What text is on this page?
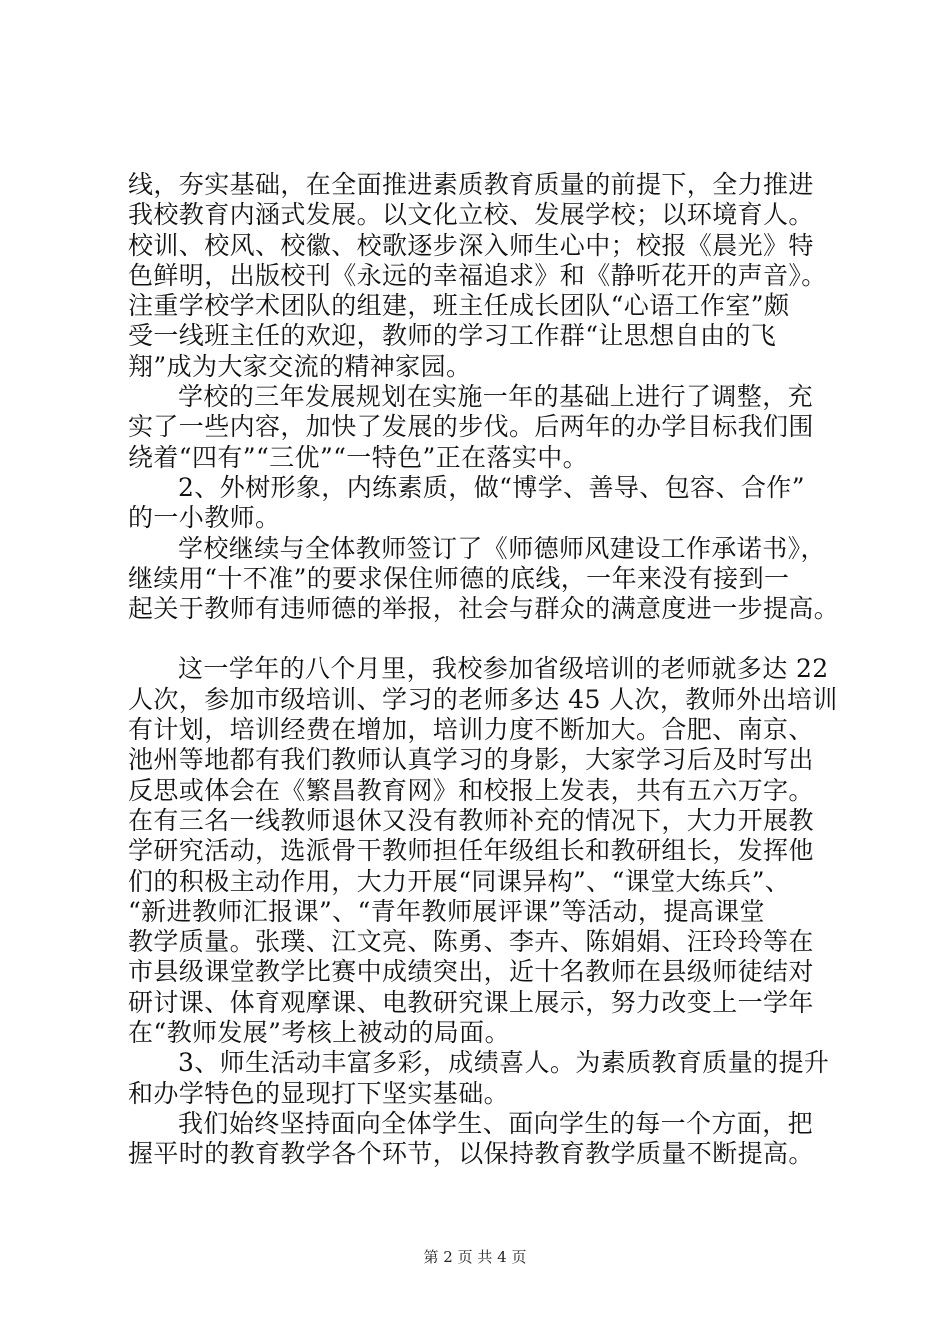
线，夯实基础，在全面推进素质教育质量的前提下，全力推进
我校教育内涵式发展。以文化立校、发展学校；以环境育人。
校训、校风、校徽、校歌逐步深入师生心中；校报《晨光》特
色鲜明，出版校刊《永远的幸福追求》和《静听花开的声音》。
注重学校学术团队的组建，班主任成长团队“心语工作室”颇
受一线班主任的欢迎，教师的学习工作群“让思想自由的飞
翔”成为大家交流的精神家园。
学校的三年发展规划在实施一年的基础上进行了调整，充
实了一些内容，加快了发展的步伐。后两年的办学目标我们围
绕着“四有”“三优”“一特色”正在落实中。
2、外树形象，内练素质，做“博学、善导、包容、合作”
的一小教师。
学校继续与全体教师签订了《师德师风建设工作承诺书》，
继续用“十不准”的要求保住师德的底线，一年来没有接到一
起关于教师有违师德的举报，社会与群众的满意度进一步提高。
这一学年的八个月里，我校参加省级培训的老师就多达 22
人次，参加市级培训、学习的老师多达 45 人次，教师外出培训
有计划，培训经费在增加，培训力度不断加大。合肥、南京、
池州等地都有我们教师认真学习的身影，大家学习后及时写出
反思或体会在《繁昌教育网》和校报上发表，共有五六万字。
在有三名一线教师退休又没有教师补充的情况下，大力开展教
学研究活动，选派骨干教师担任年级组长和教研组长，发挥他
们的积极主动作用，大力开展“同课异构”、“课堂大练兵”、
“新进教师汇报课”、“青年教师展评课”等活动，提高课堂
教学质量。张璞、江文亮、陈勇、李卉、陈娟娟、汪玲玲等在
市县级课堂教学比赛中成绩突出，近十名教师在县级师徒结对
研讨课、体育观摩课、电教研究课上展示，努力改变上一学年
在“教师发展”考核上被动的局面。
3、师生活动丰富多彩，成绩喜人。为素质教育质量的提升
和办学特色的显现打下坚实基础。
我们始终坚持面向全体学生、面向学生的每一个方面，把
握平时的教育教学各个环节，以保持教育教学质量不断提高。
第 2 页 共 4 页
